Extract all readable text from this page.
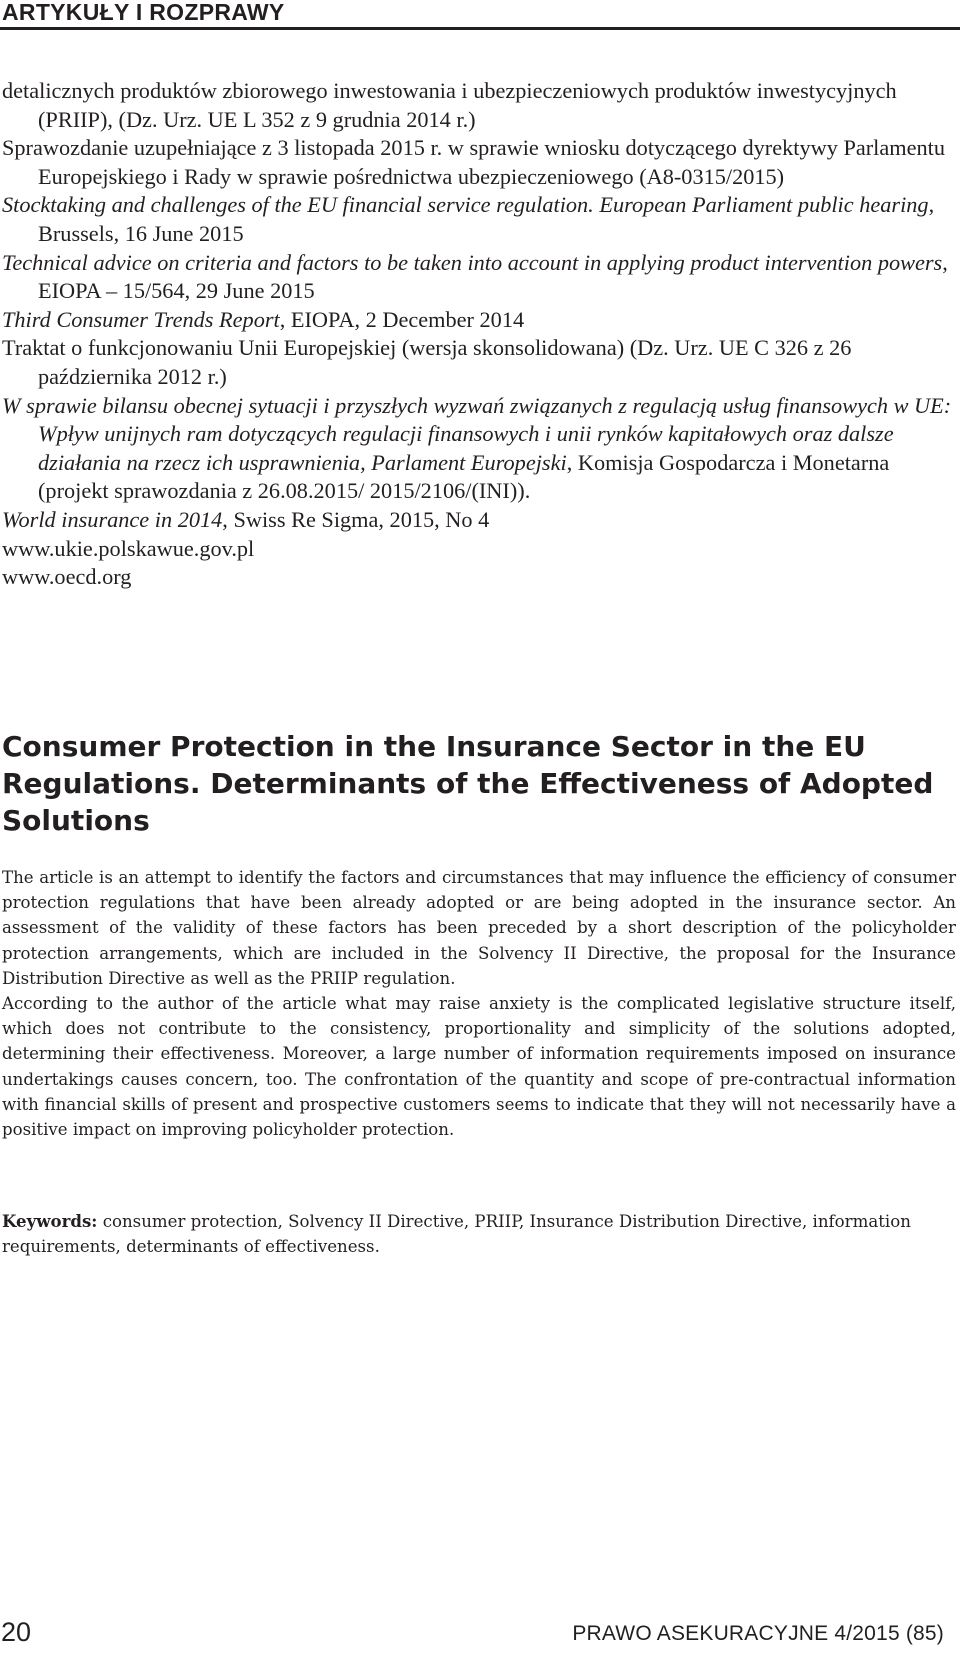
ARTYKUŁY I ROZPRAWY

detalicznych produktów zbiorowego inwestowania i ubezpieczeniowych produktów inwestycyjnych (PRIIP), (Dz. Urz. UE L 352 z 9 grudnia 2014 r.)

Sprawozdanie uzupełniające z 3 listopada 2015 r. w sprawie wniosku dotyczącego dyrektywy Parlamentu Europejskiego i Rady w sprawie pośrednictwa ubezpieczeniowego (A8-0315/2015)

Stocktaking and challenges of the EU financial service regulation. European Parliament public hearing, Brussels, 16 June 2015

Technical advice on criteria and factors to be taken into account in applying product intervention powers, EIOPA – 15/564, 29 June 2015

Third Consumer Trends Report, EIOPA, 2 December 2014

Traktat o funkcjonowaniu Unii Europejskiej (wersja skonsolidowana) (Dz. Urz. UE C 326 z 26 października 2012 r.)

W sprawie bilansu obecnej sytuacji i przyszłych wyzwań związanych z regulacją usług finansowych w UE: Wpływ unijnych ram dotyczących regulacji finansowych i unii rynków kapitałowych oraz dalsze działania na rzecz ich usprawnienia, Parlament Europejski, Komisja Gospodarcza i Monetarna (projekt sprawozdania z 26.08.2015/ 2015/2106/(INI)).

World insurance in 2014, Swiss Re Sigma, 2015, No 4

www.ukie.polskawue.gov.pl

www.oecd.org

Consumer Protection in the Insurance Sector in the EU Regulations. Determinants of the Effectiveness of Adopted Solutions

The article is an attempt to identify the factors and circumstances that may influence the efficiency of consumer protection regulations that have been already adopted or are being adopted in the insurance sector. An assessment of the validity of these factors has been preceded by a short description of the policyholder protection arrangements, which are included in the Solvency II Directive, the proposal for the Insurance Distribution Directive as well as the PRIIP regulation.

According to the author of the article what may raise anxiety is the complicated legislative structure itself, which does not contribute to the consistency, proportionality and simplicity of the solutions adopted, determining their effectiveness. Moreover, a large number of information requirements imposed on insurance undertakings causes concern, too. The confrontation of the quantity and scope of pre-contractual information with financial skills of present and prospective customers seems to indicate that they will not necessarily have a positive impact on improving policyholder protection.

Keywords: consumer protection, Solvency II Directive, PRIIP, Insurance Distribution Directive, information requirements, determinants of effectiveness.

20	PRAWO ASEKURACYJNE 4/2015 (85)
